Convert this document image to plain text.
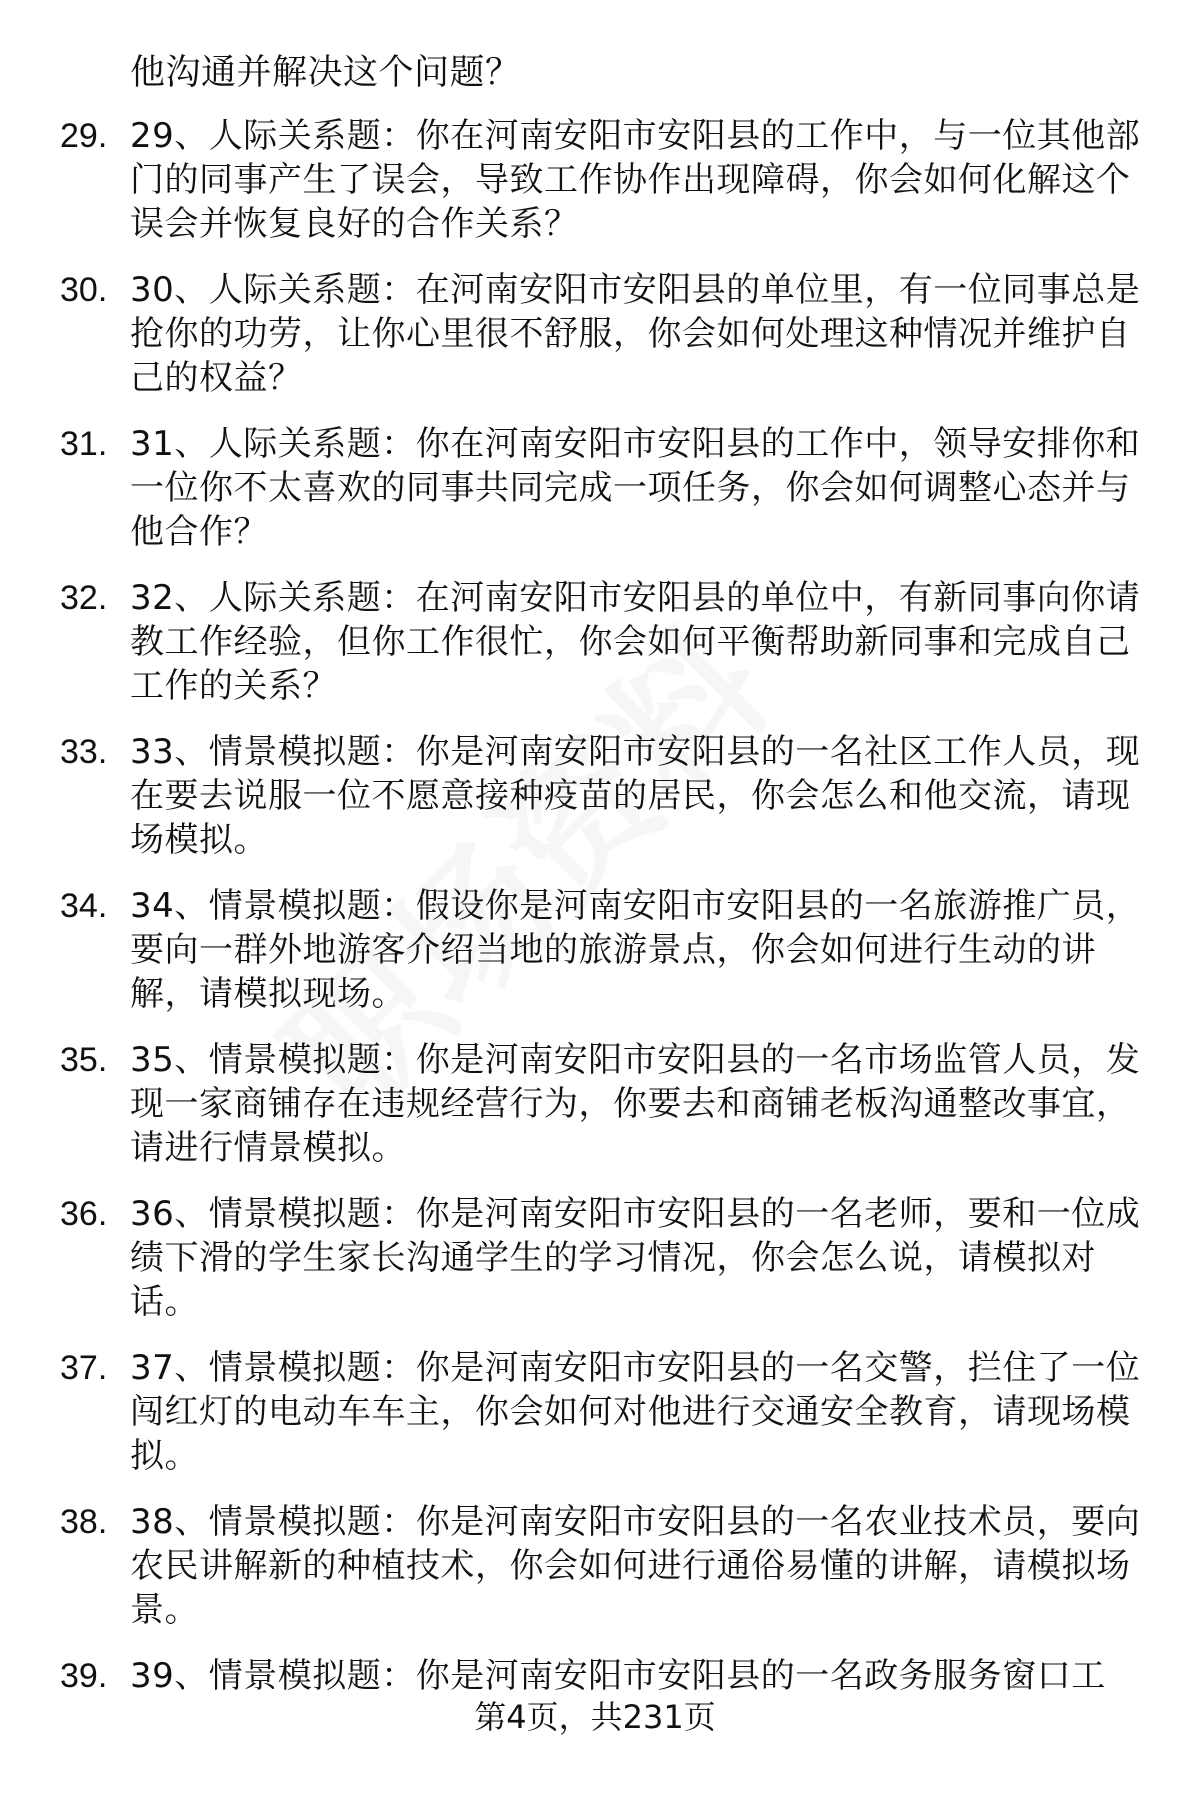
他沟通并解决这个问题？
29. 29、人际关系题：你在河南安阳市安阳县的工作中，与一位其他部门的同事产生了误会，导致工作协作出现障碍，你会如何化解这个误会并恢复良好的合作关系？
30. 30、人际关系题：在河南安阳市安阳县的单位里，有一位同事总是抢你的功劳，让你心里很不舒服，你会如何处理这种情况并维护自己的权益？
31. 31、人际关系题：你在河南安阳市安阳县的工作中，领导安排你和一位你不太喜欢的同事共同完成一项任务，你会如何调整心态并与他合作？
32. 32、人际关系题：在河南安阳市安阳县的单位中，有新同事向你请教工作经验，但你工作很忙，你会如何平衡帮助新同事和完成自己工作的关系？
33. 33、情景模拟题：你是河南安阳市安阳县的一名社区工作人员，现在要去说服一位不愿意接种疫苗的居民，你会怎么和他交流，请现场模拟。
34. 34、情景模拟题：假设你是河南安阳市安阳县的一名旅游推广员，要向一群外地游客介绍当地的旅游景点，你会如何进行生动的讲解，请模拟现场。
35. 35、情景模拟题：你是河南安阳市安阳县的一名市场监管人员，发现一家商铺存在违规经营行为，你要去和商铺老板沟通整改事宜，请进行情景模拟。
36. 36、情景模拟题：你是河南安阳市安阳县的一名老师，要和一位成绩下滑的学生家长沟通学生的学习情况，你会怎么说，请模拟对话。
37. 37、情景模拟题：你是河南安阳市安阳县的一名交警，拦住了一位闯红灯的电动车车主，你会如何对他进行交通安全教育，请现场模拟。
38. 38、情景模拟题：你是河南安阳市安阳县的一名农业技术员，要向农民讲解新的种植技术，你会如何进行通俗易懂的讲解，请模拟场景。
39. 39、情景模拟题：你是河南安阳市安阳县的一名政务服务窗口工
第4页，共231页
